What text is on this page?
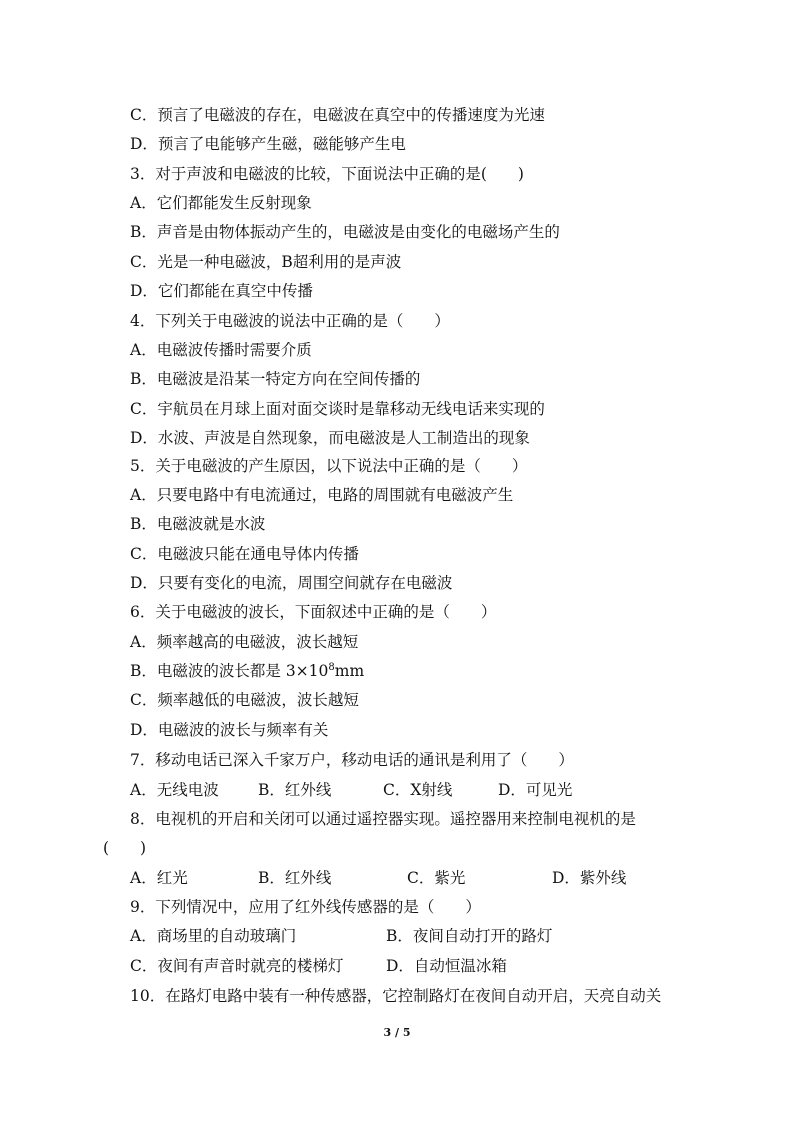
C．预言了电磁波的存在，电磁波在真空中的传播速度为光速
D．预言了电能够产生磁，磁能够产生电
3．对于声波和电磁波的比较，下面说法中正确的是(　　)
A．它们都能发生反射现象
B．声音是由物体振动产生的，电磁波是由变化的电磁场产生的
C．光是一种电磁波，B超利用的是声波
D．它们都能在真空中传播
4．下列关于电磁波的说法中正确的是（　　）
A．电磁波传播时需要介质
B．电磁波是沿某一特定方向在空间传播的
C．宇航员在月球上面对面交谈时是靠移动无线电话来实现的
D．水波、声波是自然现象，而电磁波是人工制造出的现象
5．关于电磁波的产生原因，以下说法中正确的是（　　）
A．只要电路中有电流通过，电路的周围就有电磁波产生
B．电磁波就是水波
C．电磁波只能在通电导体内传播
D．只要有变化的电流，周围空间就存在电磁波
6．关于电磁波的波长，下面叙述中正确的是（　　）
A．频率越高的电磁波，波长越短
B．电磁波的波长都是 $3\times 10^8mm$
C．频率越低的电磁波，波长越短
D．电磁波的波长与频率有关
7．移动电话已深入千家万户，移动电话的通讯是利用了（　　）
A．无线电波	B．红外线	C．X射线	D．可见光
8．电视机的开启和关闭可以通过遥控器实现。遥控器用来控制电视机的是
(　　)
A．红光	B．红外线	C．紫光	D．紫外线
9．下列情况中，应用了红外线传感器的是（　　）
A．商场里的自动玻璃门	B．夜间自动打开的路灯
C．夜间有声音时就亮的楼梯灯	D．自动恒温冰箱
10．在路灯电路中装有一种传感器，它控制路灯在夜间自动开启，天亮自动关
3 / 5
